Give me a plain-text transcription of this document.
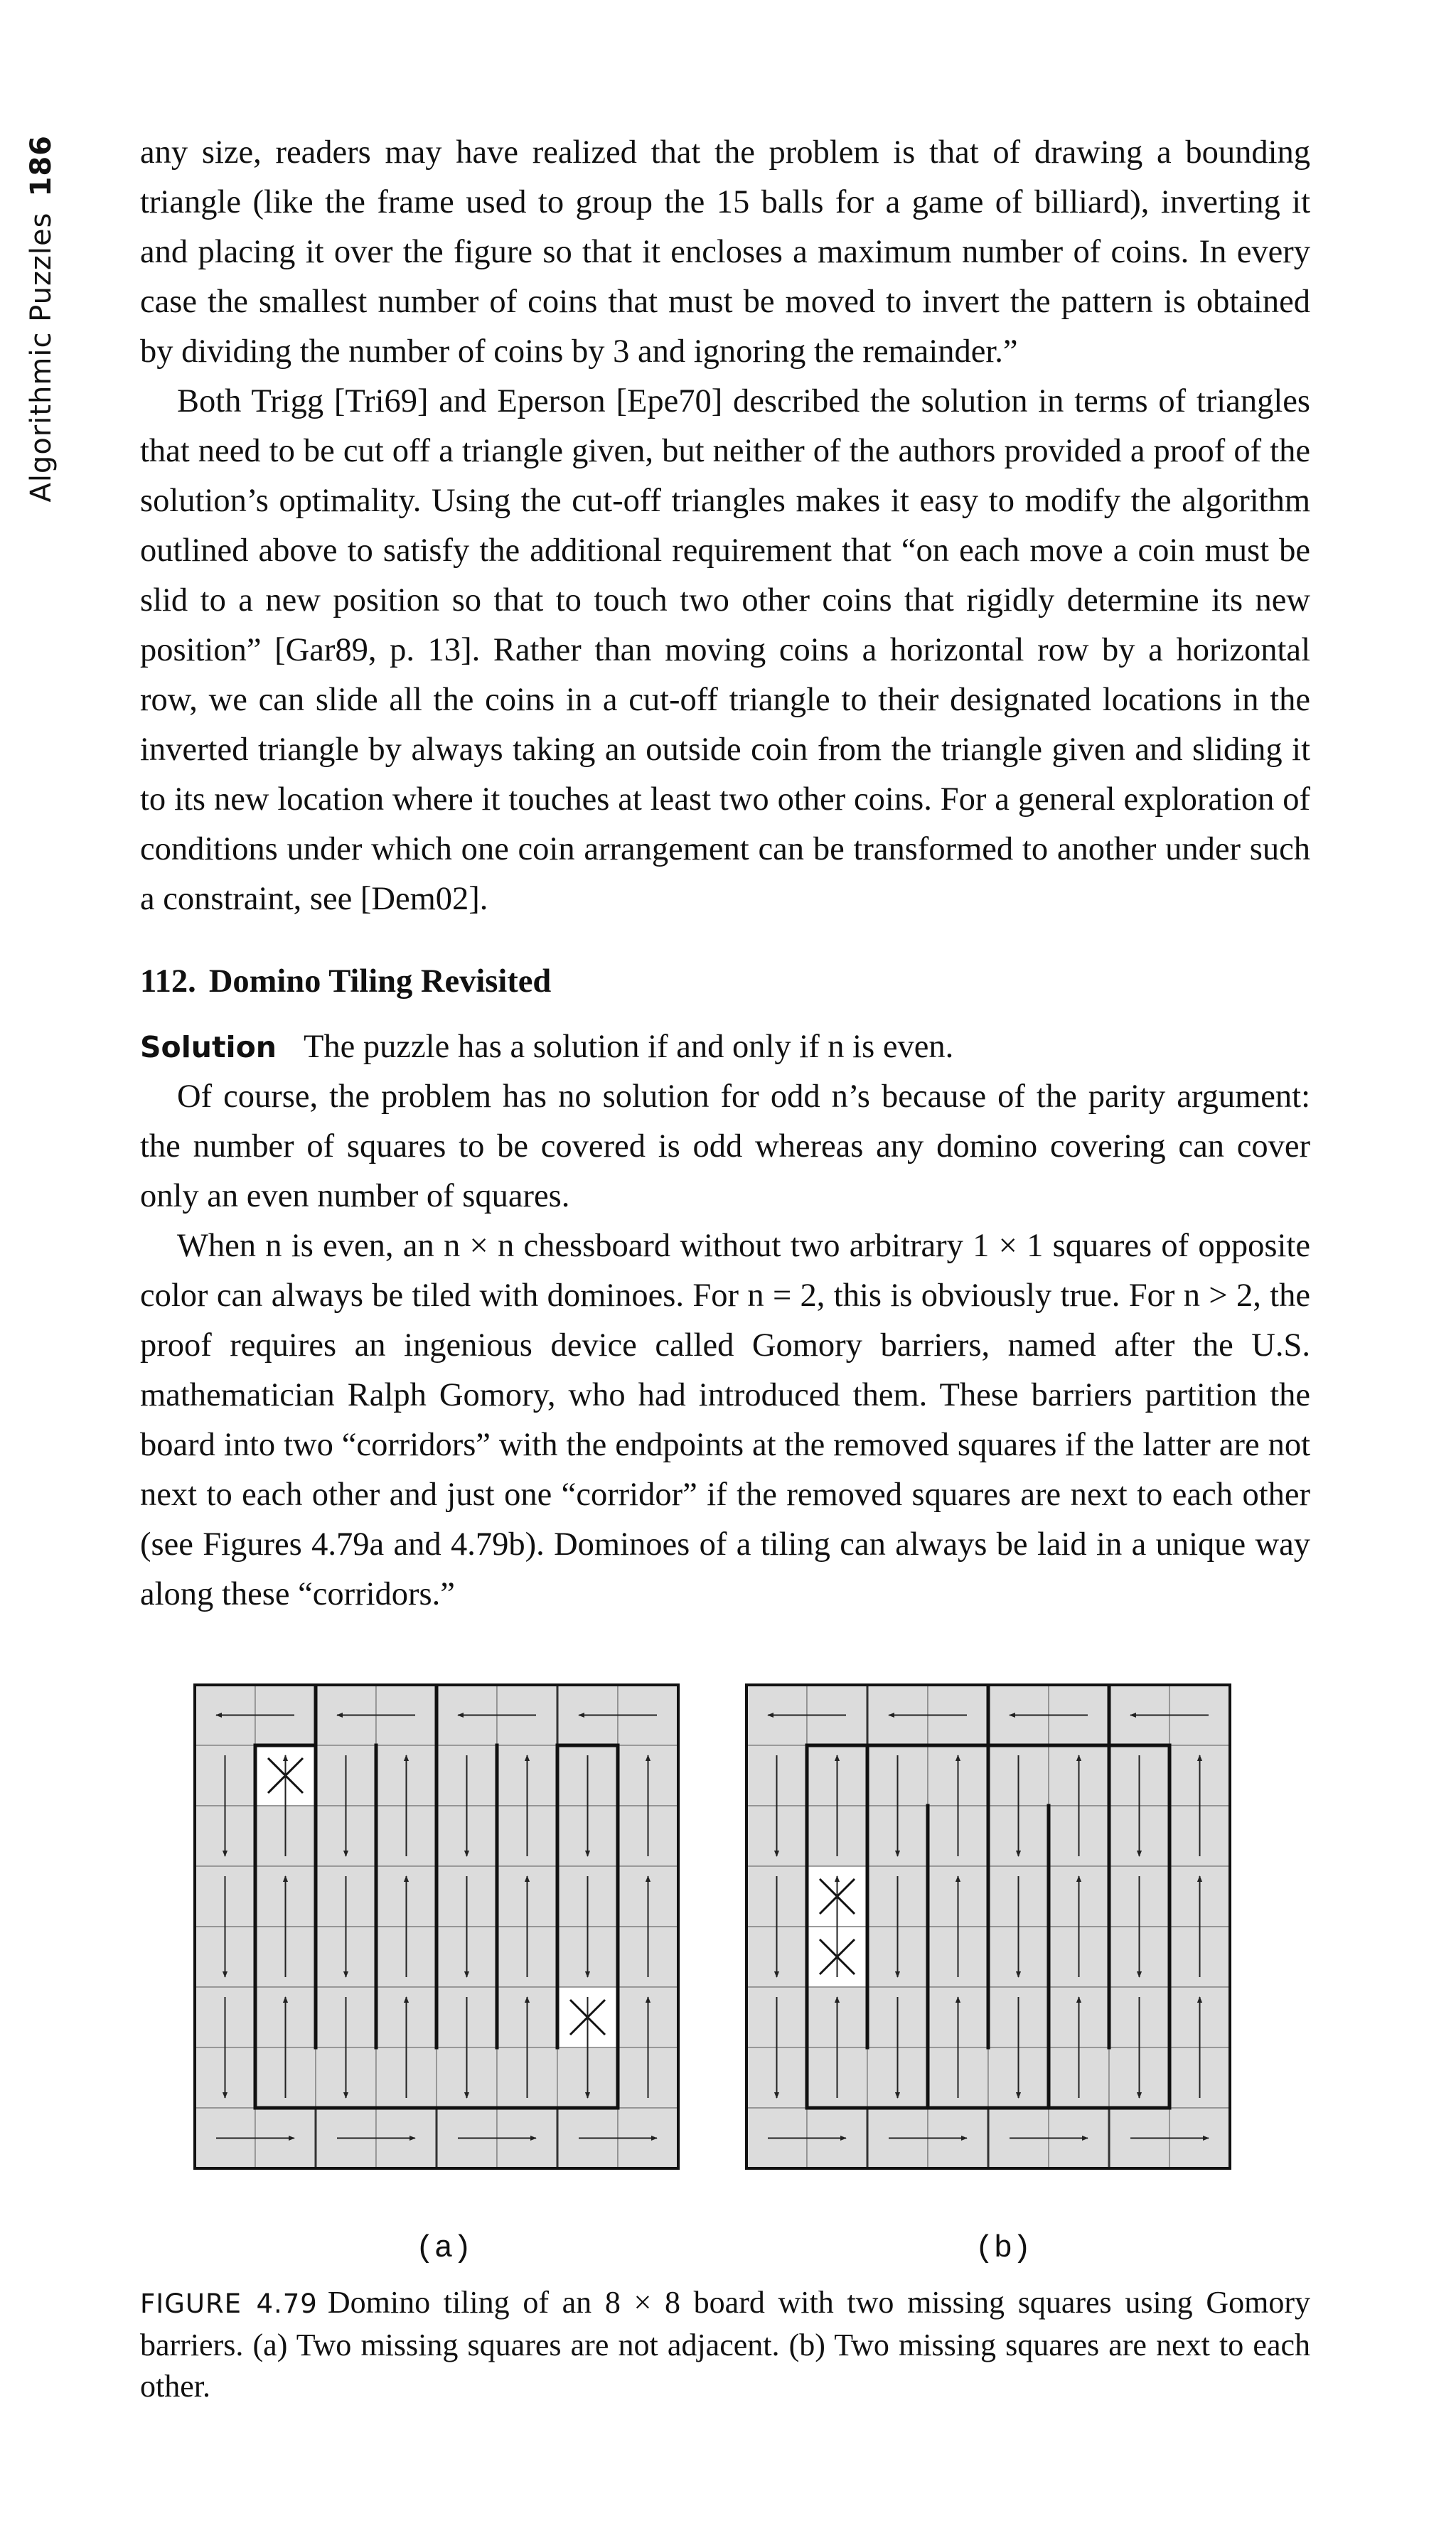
Algorithmic Puzzles186 any size, readers may have realized that the problem is that of drawing a bounding triangle (like the frame used to group the 15 balls for a game of billiard), inverting it and placing it over the figure so that it encloses a maximum number of coins. In every case the smallest number of coins that must be moved to invert the pattern is obtained by dividing the number of coins by 3 and ignoring the remainder.”

Both Trigg [Tri69] and Eperson [Epe70] described the solution in terms of triangles that need to be cut off a triangle given, but neither of the authors provided a proof of the solution’s optimality. Using the cut-off triangles makes it easy to modify the algorithm outlined above to satisfy the additional requirement that “on each move a coin must be slid to a new position so that to touch two other coins that rigidly determine its new position” [Gar89, p. 13]. Rather than moving coins a horizontal row by a horizontal row, we can slide all the coins in a cut-off triangle to their designated locations in the inverted triangle by always taking an outside coin from the triangle given and sliding it to its new location where it touches at least two other coins. For a general exploration of conditions under which one coin arrangement can be transformed to another under such a constraint, see [Dem02].

112. Domino Tiling Revisited

Solution The puzzle has a solution if and only if n is even.

Of course, the problem has no solution for odd n’s because of the parity argument: the number of squares to be covered is odd whereas any domino covering can cover only an even number of squares.

When n is even, an n × n chessboard without two arbitrary 1 × 1 squares of opposite color can always be tiled with dominoes. For n = 2, this is obviously true. For n > 2, the proof requires an ingenious device called Gomory barriers, named after the U.S. mathematician Ralph Gomory, who had introduced them. These barriers partition the board into two “corridors” with the endpoints at the removed squares if the latter are not next to each other and just one “corridor” if the removed squares are next to each other (see Figures 4.79a and 4.79b). Dominoes of a tiling can always be laid in a unique way along these “corridors.”

(a)	(b)
FIGURE 4.79 Domino tiling of an 8 × 8 board with two missing squares using Gomory barriers. (a) Two missing squares are not adjacent. (b) Two missing squares are next to each other.
